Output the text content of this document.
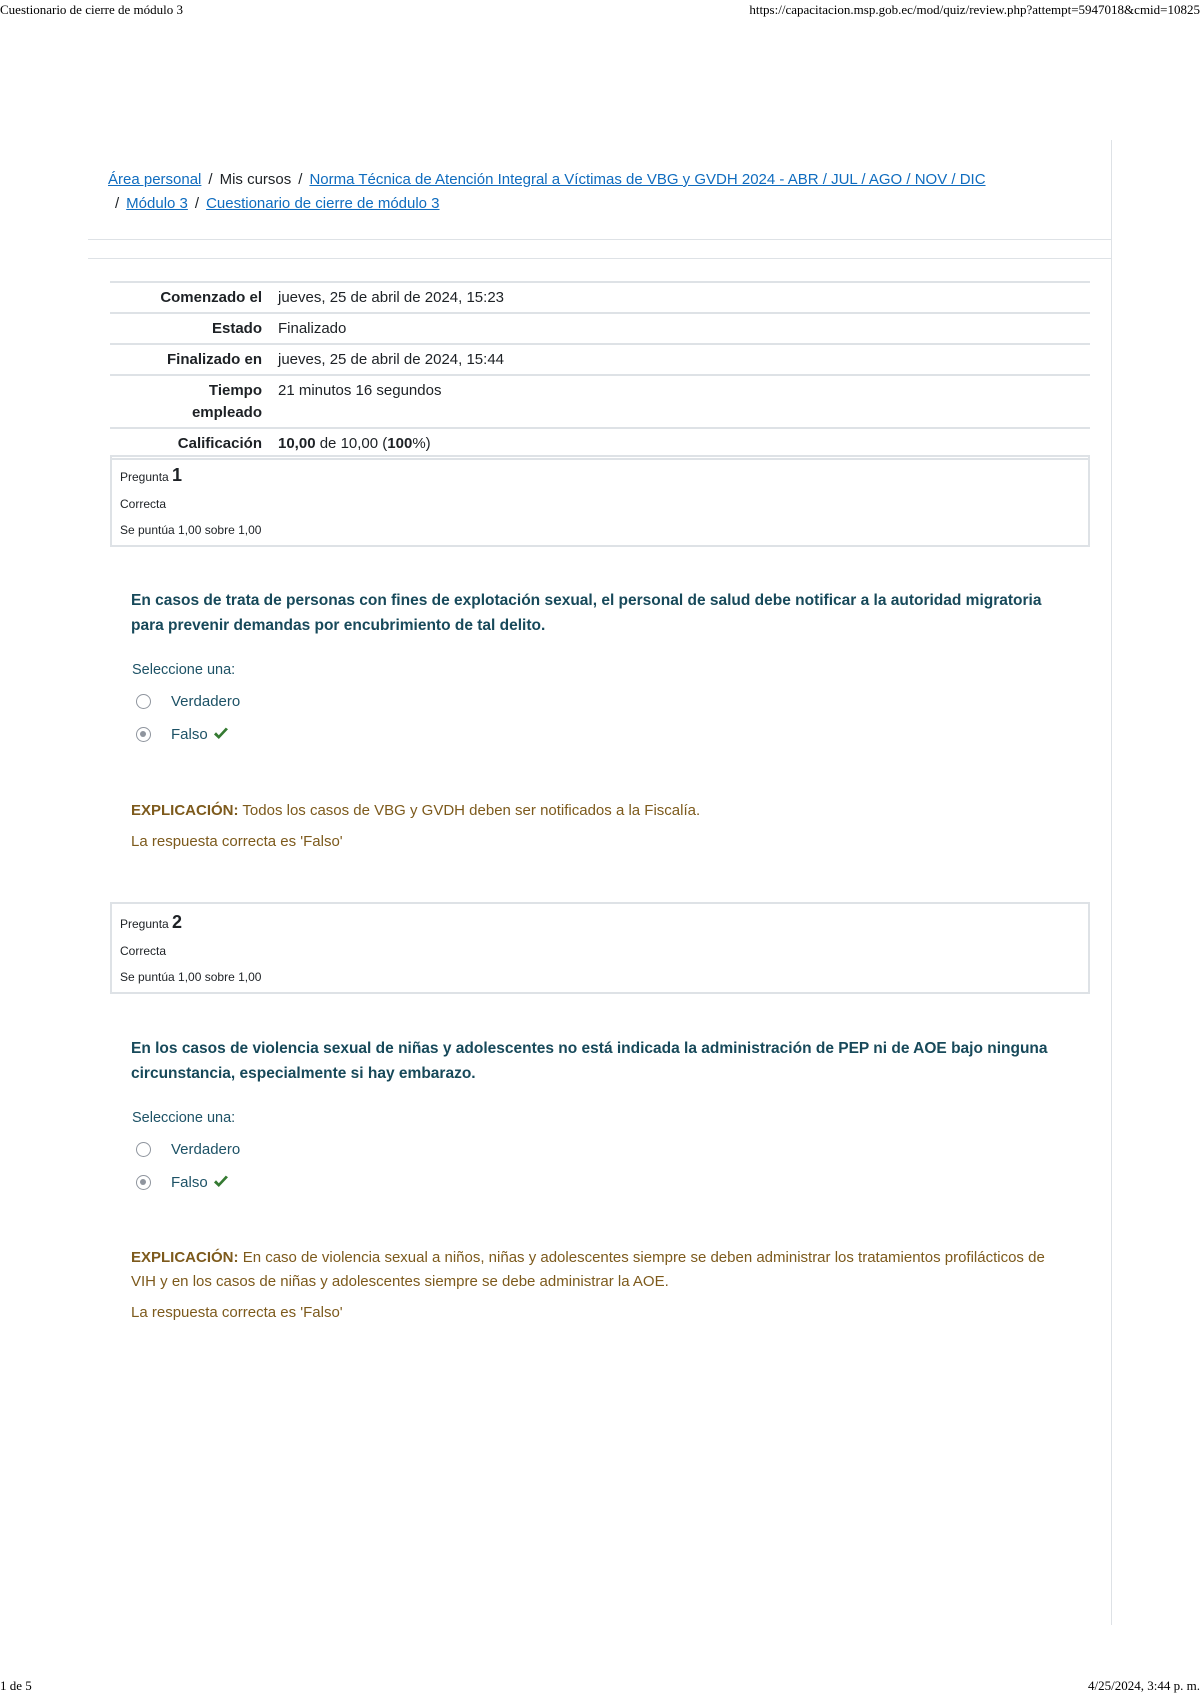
Cuestionario de cierre de módulo 3	https://capacitacion.msp.gob.ec/mod/quiz/review.php?attempt=5947018&cmid=10825
Área personal / Mis cursos / Norma Técnica de Atención Integral a Víctimas de VBG y GVDH 2024 - ABR / JUL / AGO / NOV / DIC
/ Módulo 3 / Cuestionario de cierre de módulo 3
Comenzado el	jueves, 25 de abril de 2024, 15:23
Estado	Finalizado
Finalizado en	jueves, 25 de abril de 2024, 15:44
Tiempo
empleado	21 minutos 16 segundos
Calificación	10,00 de 10,00 (100%)
Pregunta 1
Correcta
Se puntúa 1,00 sobre 1,00
En casos de trata de personas con fines de explotación sexual, el personal de salud debe notificar a la autoridad migratoria para prevenir demandas por encubrimiento de tal delito.
Seleccione una:
Verdadero
Falso
EXPLICACIÓN: Todos los casos de VBG y GVDH deben ser notificados a la Fiscalía.
La respuesta correcta es 'Falso'
Pregunta 2
Correcta
Se puntúa 1,00 sobre 1,00
En los casos de violencia sexual de niñas y adolescentes no está indicada la administración de PEP ni de AOE bajo ninguna circunstancia, especialmente si hay embarazo.
Seleccione una:
Verdadero
Falso
EXPLICACIÓN: En caso de violencia sexual a niños, niñas y adolescentes siempre se deben administrar los tratamientos profilácticos de VIH y en los casos de niñas y adolescentes siempre se debe administrar la AOE.
La respuesta correcta es 'Falso'
1 de 5	4/25/2024, 3:44 p. m.
